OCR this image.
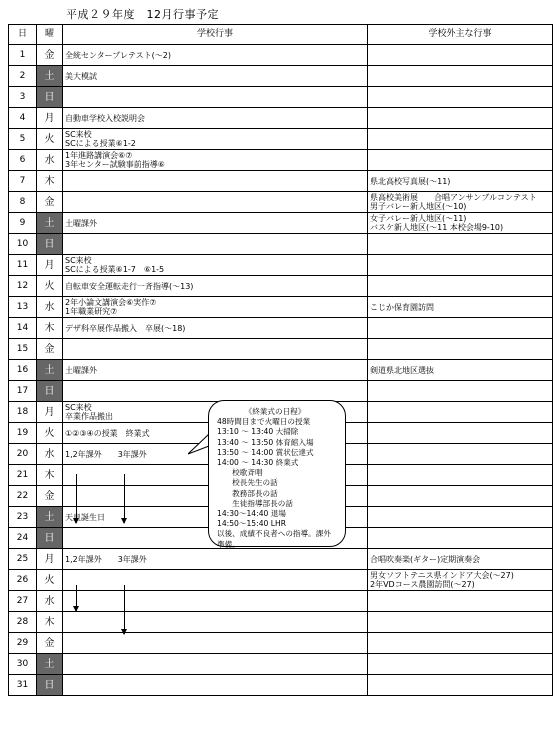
平成２９年度　12月行事予定
日	曜	学校行事	学校外主な行事
1	金	全統センタープレテスト(～2)	
2	土	美大模試	
3	日		
4	月	自動車学校入校説明会	
5	火	SC来校
SCによる授業⑥1-2	
6	水	1年進路講演会⑥⑦
3年センター試験事前指導⑥	
7	木		県北高校写真展(～11)
8	金		県高校美術展　　合唱アンサンブルコンテスト
男子バレー新人地区(～10)
9	土	土曜課外	女子バレー新人地区(～11)
バスケ新人地区(～11 本校会場9-10)
10	日		
11	月	SC来校
SCによる授業⑥1-7　⑥1-5	
12	火	自転車安全運転走行一斉指導(～13)	
13	水	2年小論文講演会⑥実作⑦
1年職業研究⑦	こじか保育園訪問
14	木	デザ科卒展作品搬入　卒展(～18)	
15	金		
16	土	土曜課外	剣道県北地区選抜
17	日		
18	月	SC来校
卒業作品搬出	
19	火	①②③④の授業　終業式	
20	水	1,2年課外　　3年課外	
21	木		
22	金		
23	土	天皇誕生日	
24	日		
25	月	1,2年課外　　3年課外	合唱吹奏楽(ギター)定期演奏会
26	火		男女ソフトテニス県インドア大会(～27)
2年VDコース農園訪問(～27)
27	水		
28	木		
29	金		
30	土		
31	日		
《終業式の日程》
48時間目まで火曜日の授業
13:10 ～ 13:40 大掃除
13:40 ～ 13:50 体育館入場
13:50 ～ 14:00 賞状伝達式
14:00 ～ 14:30 終業式
　　校歌斉唱
　　校長先生の話
　　教務部長の話
　　生徒指導部長の話
14:30～14:40 退場
14:50～15:40 LHR
以後、成績不良者への指導。課外
準備。
